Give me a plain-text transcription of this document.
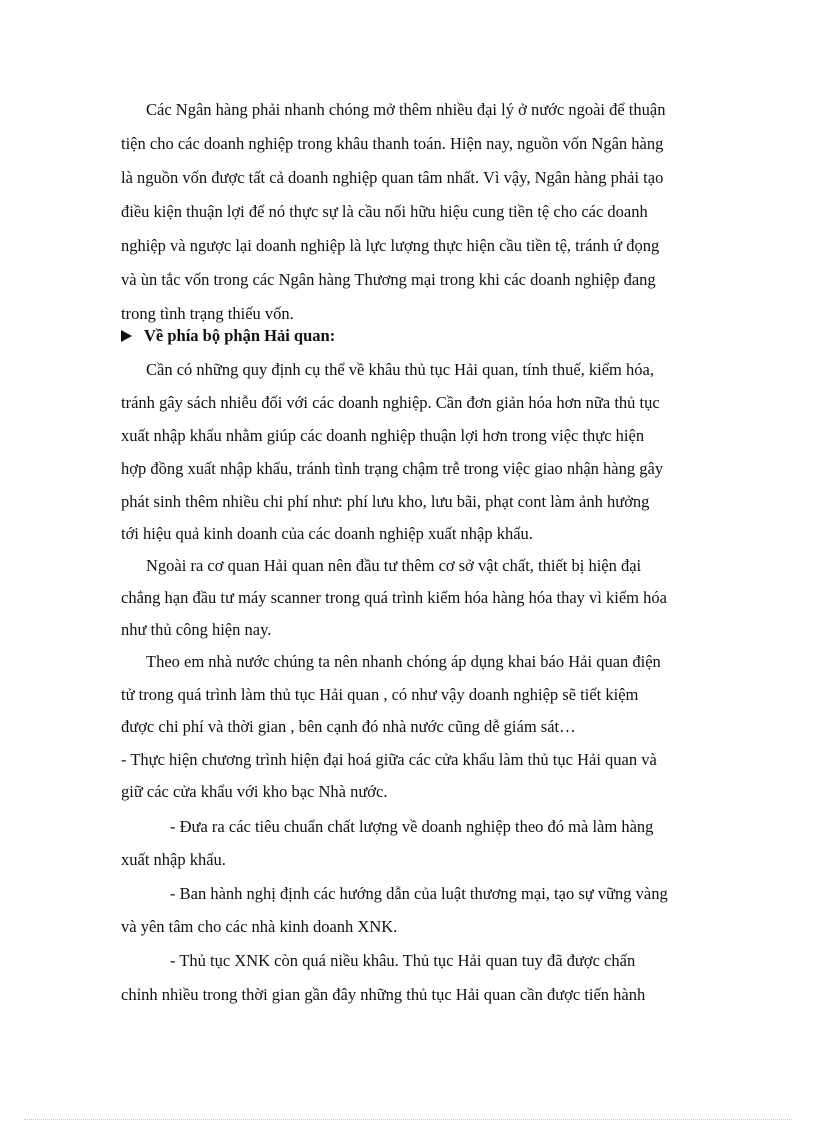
Các Ngân hàng phải nhanh chóng mở thêm nhiều đại lý ở nước ngoài để thuận

tiện cho các doanh nghiệp trong khâu thanh toán. Hiện nay, nguồn vốn Ngân hàng

là nguồn vốn được tất cả doanh nghiệp quan tâm nhất. Vì vậy, Ngân hàng phải tạo

điều kiện thuận lợi để nó thực sự là cầu nối hữu hiệu cung tiền tệ cho các doanh

nghiệp và ngược lại doanh nghiệp là lực lượng thực hiện cầu tiền tệ, tránh ứ đọng

và ùn tắc vốn trong các Ngân hàng Thương mại trong khi các doanh nghiệp đang

trong tình trạng thiếu vốn.

Về phía bộ phận Hải quan:

Cần có những quy định cụ thể về khâu thủ tục Hải quan, tính thuế, kiểm hóa,

tránh gây sách nhiễu đối với các doanh nghiệp. Cần đơn giản hóa hơn nữa thủ tục

xuất nhập khẩu nhằm giúp các doanh nghiệp thuận lợi hơn trong việc thực hiện

hợp đồng xuất nhập khẩu, tránh tình trạng chậm trễ trong việc giao nhận hàng gây

phát sinh thêm nhiều chi phí như: phí lưu kho, lưu bãi, phạt cont làm ảnh hưởng

tới hiệu quả kinh doanh của các doanh nghiệp xuất nhập khẩu.

Ngoài ra cơ quan Hải quan nên đầu tư thêm cơ sở vật chất, thiết bị hiện đại

chẳng hạn đầu tư máy scanner trong quá trình kiểm hóa hàng hóa thay vì kiểm hóa

như thủ công hiện nay.

Theo em nhà nước chúng ta nên nhanh chóng áp dụng khai báo Hải quan điện

tử trong quá trình làm thủ tục Hải quan , có như vậy doanh nghiệp sẽ tiết kiệm

được chi phí và thời gian , bên cạnh đó nhà nước cũng dễ giám sát…

- Thực hiện chương trình hiện đại hoá giữa các cửa khẩu làm thủ tục Hải quan và

giữ các cửa khẩu với kho bạc Nhà nước.

- Đưa ra các tiêu chuẩn chất lượng về doanh nghiệp theo đó mà làm hàng

xuất nhập khẩu.

- Ban hành nghị định các hướng dẫn của luật thương mại, tạo sự vững vàng

và yên tâm cho các nhà kinh doanh XNK.

- Thủ tục XNK còn quá niều khâu. Thủ tục Hải quan tuy đã được chấn

chỉnh nhiều trong thời gian gần đây những thủ tục Hải quan cần được tiến hành
